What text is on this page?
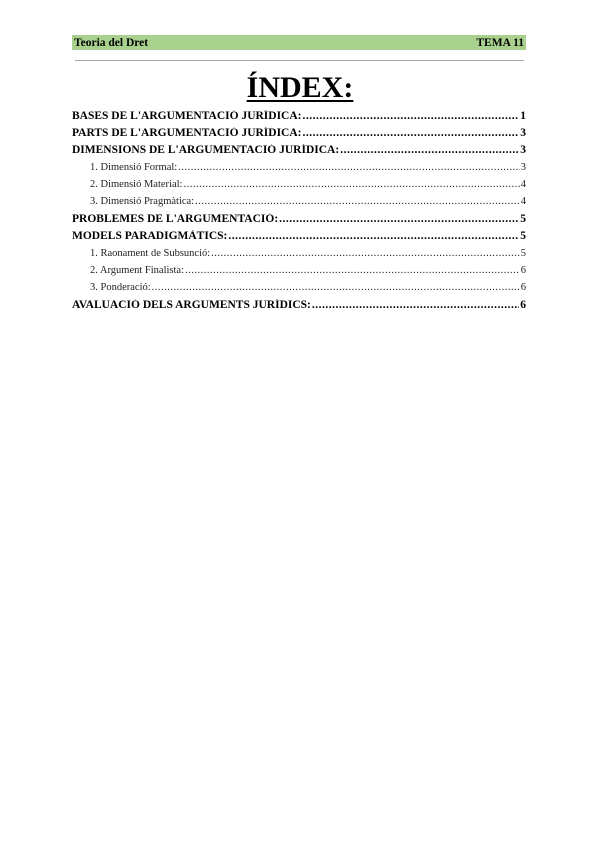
Teoria del Dret	TEMA 11
ÍNDEX:
BASES DE L'ARGUMENTACIÓ JURÍDICA: .....	1
PARTS DE L'ARGUMENTACIÓ JURÍDICA: .....	3
DIMENSIONS DE L'ARGUMENTACIÓ JURÍDICA: .....	3
1. Dimensió Formal: .....	3
2. Dimensió Material: .....	4
3. Dimensió Pragmàtica: .....	4
PROBLEMES DE L'ARGUMENTACIÓ: .....	5
MODELS PARADIGMÀTICS: .....	5
1. Raonament de Subsunció: .....	5
2. Argument Finalista: .....	6
3. Ponderació: .....	6
AVALUACIÓ DELS ARGUMENTS JURÍDICS: .....	6
